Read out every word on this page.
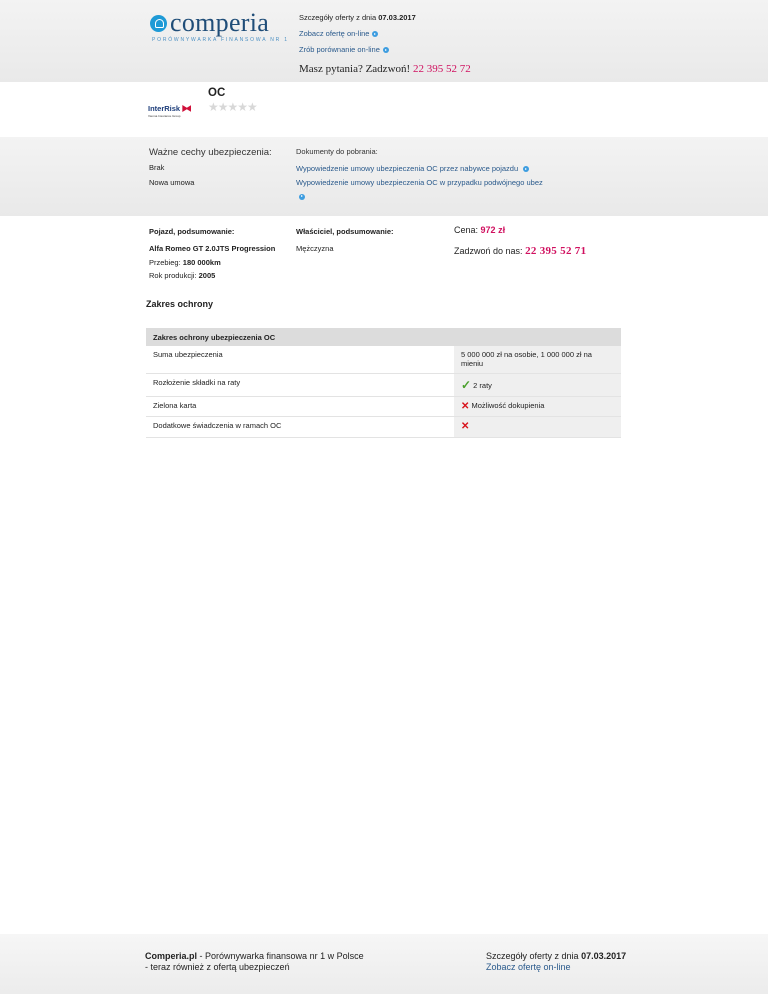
comperia
PORÓWNYWARKA FINANSOWA NR 1
Szczegóły oferty z dnia 07.03.2017
Zobacz ofertę on-line
Zrób porównanie on-line
Masz pytania? Zadzwoń! 22 395 52 72
InterRisk
Vienna Insurance Group
OC
★★★★★
Ważne cechy ubezpieczenia:
Brak
Nowa umowa
Dokumenty do pobrania:
Wypowiedzenie umowy ubezpieczenia OC przez nabywce pojazdu
Wypowiedzenie umowy ubezpieczenia OC w przypadku podwójnego ubez
Pojazd, podsumowanie:
Alfa Romeo GT 2.0JTS Progression
Przebieg: 180 000km
Rok produkcji: 2005
Właściciel, podsumowanie:
Mężczyzna
Cena: 972 zł
Zadzwoń do nas: 22 395 52 71
Zakres ochrony
Zakres ochrony ubezpieczenia OC	
Suma ubezpieczenia	5 000 000 zł na osobie, 1 000 000 zł na mieniu
Rozłożenie składki na raty	✓ 2 raty
Zielona karta	✕ Możliwość dokupienia
Dodatkowe świadczenia w ramach OC	✕
Comperia.pl - Porównywarka finansowa nr 1 w Polsce
- teraz również z ofertą ubezpieczeń
Szczegóły oferty z dnia 07.03.2017
Zobacz ofertę on-line
